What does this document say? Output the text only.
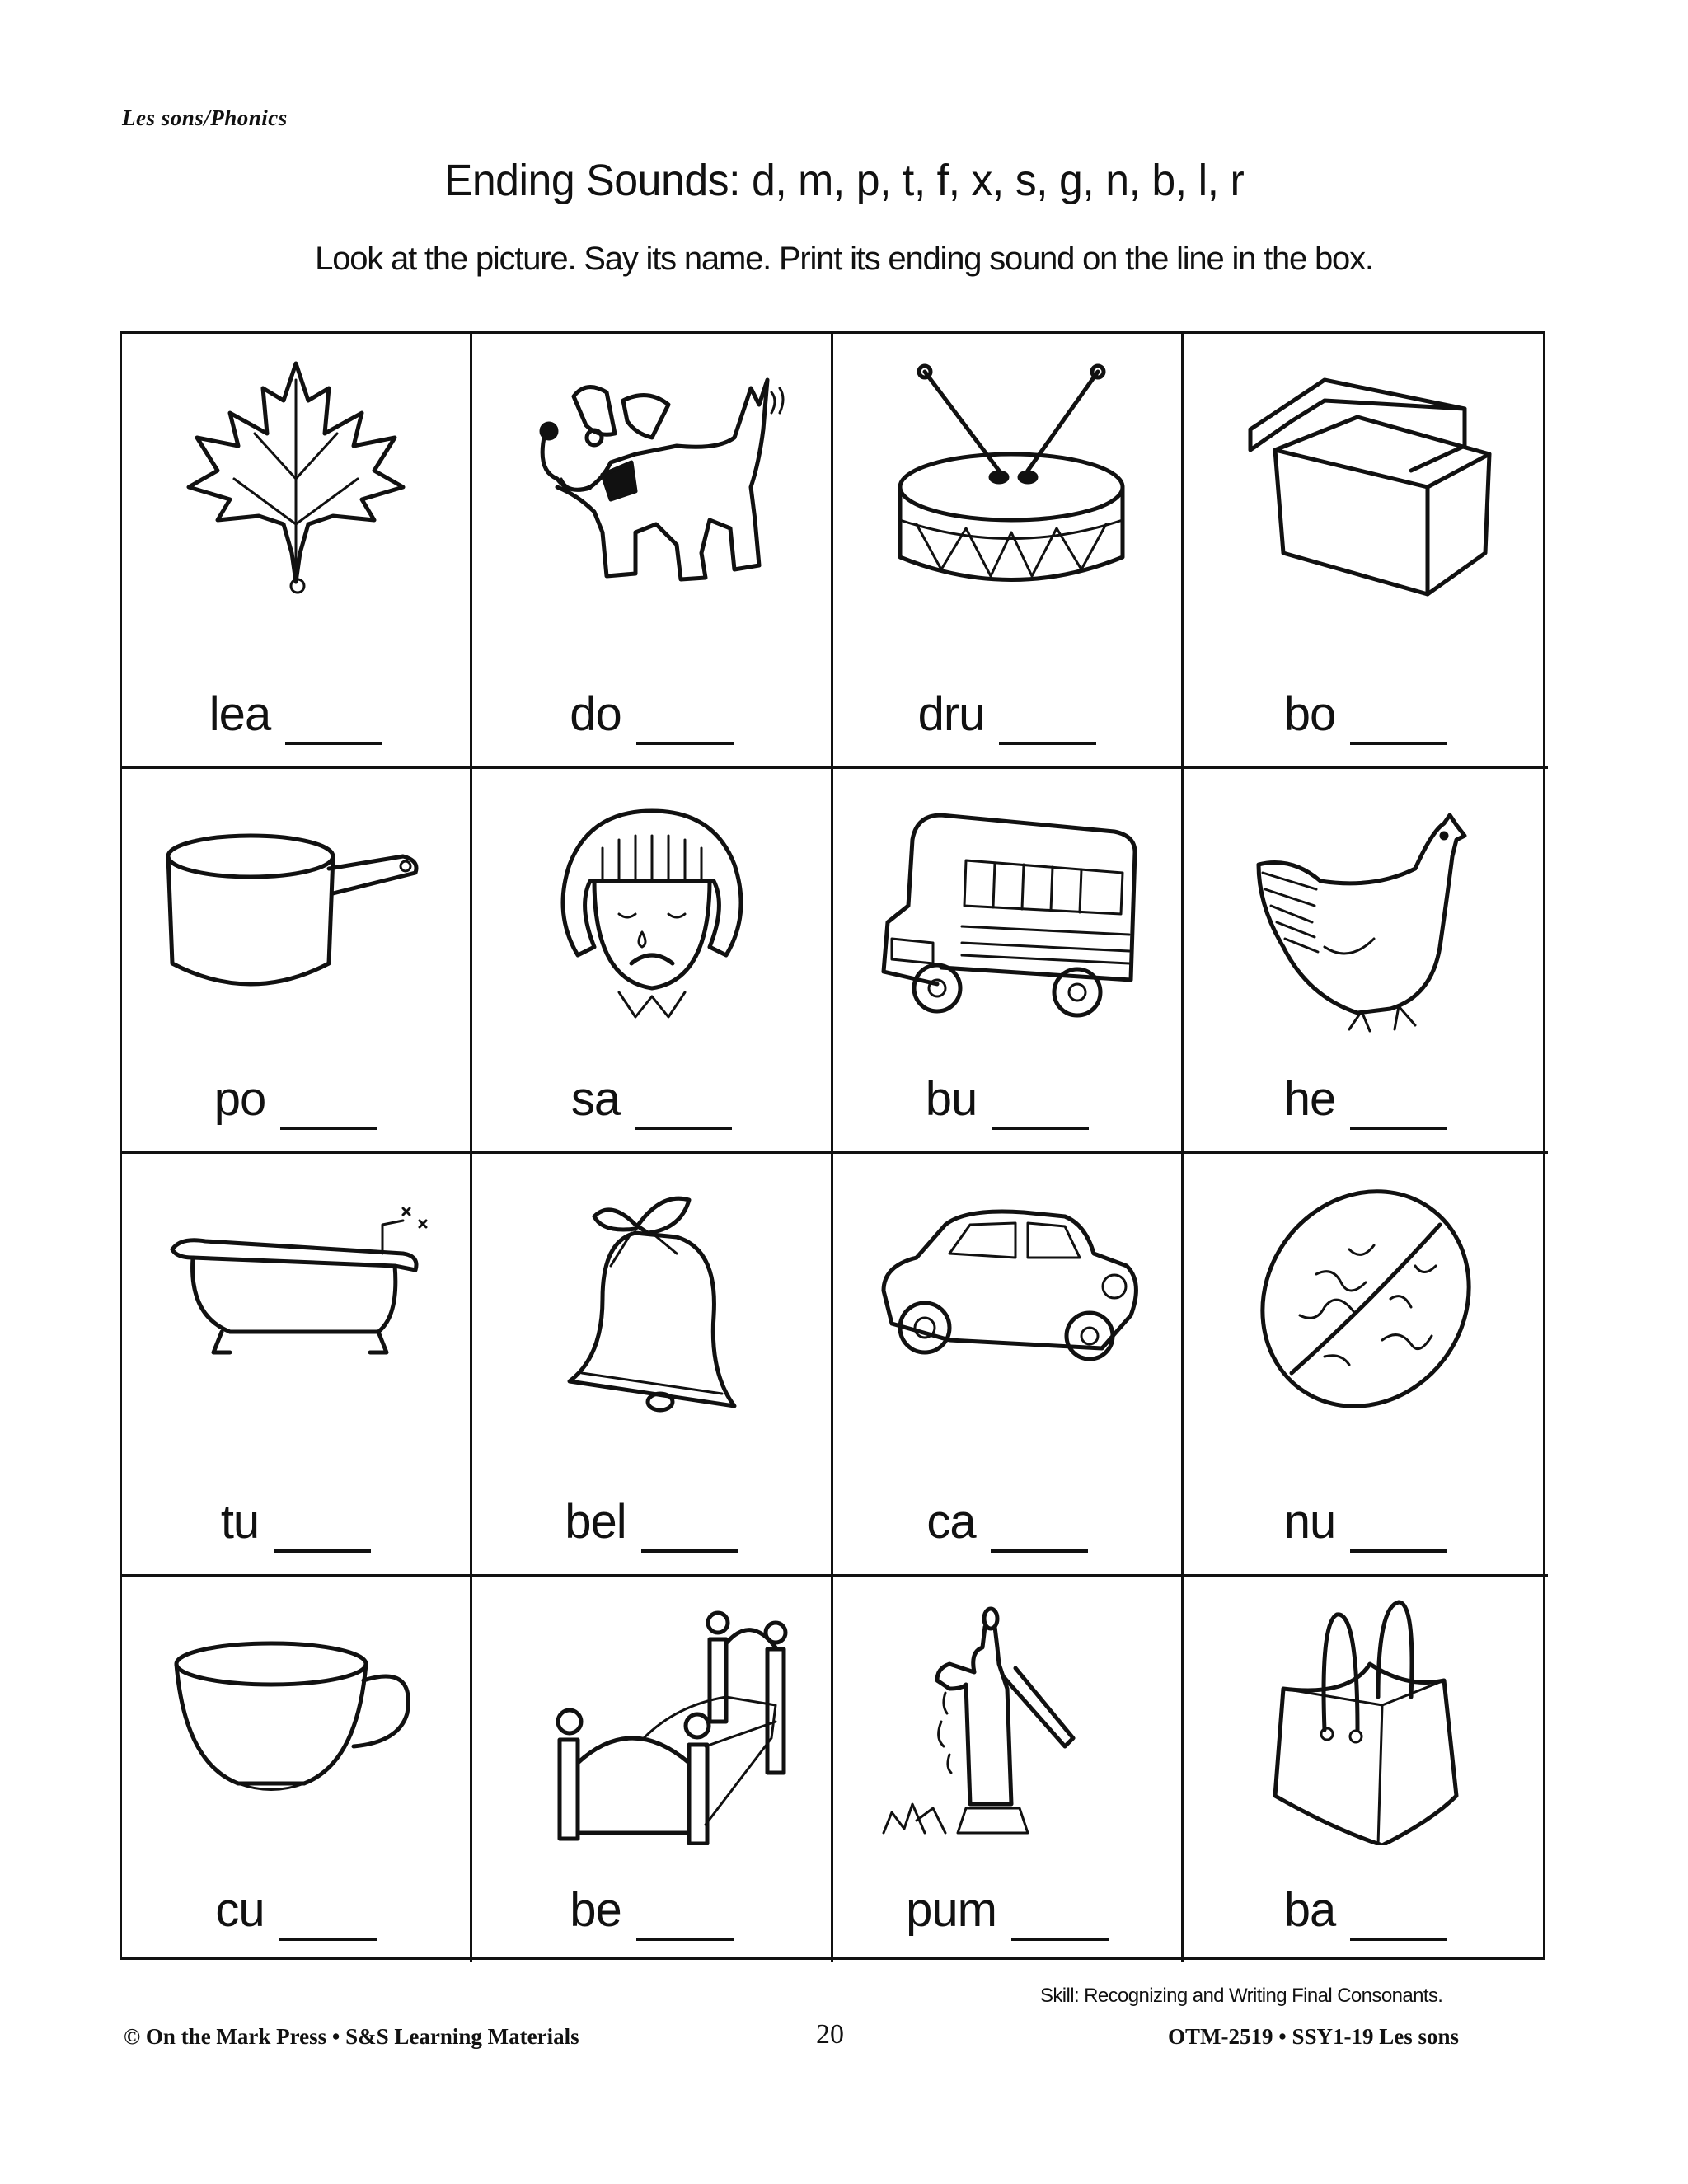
Les sons/Phonics
Ending Sounds: d, m, p, t, f, x, s, g, n, b, l, r
Look at the picture. Say its name. Print its ending sound on the line in the box.
lea	do	dru	bo
po	sa	bu	he
tu	bel	ca	nu
cu	be	pum	ba
Skill: Recognizing and Writing Final Consonants.
© On the Mark Press • S&S Learning Materials	20	OTM-2519 • SSY1-19 Les sons
